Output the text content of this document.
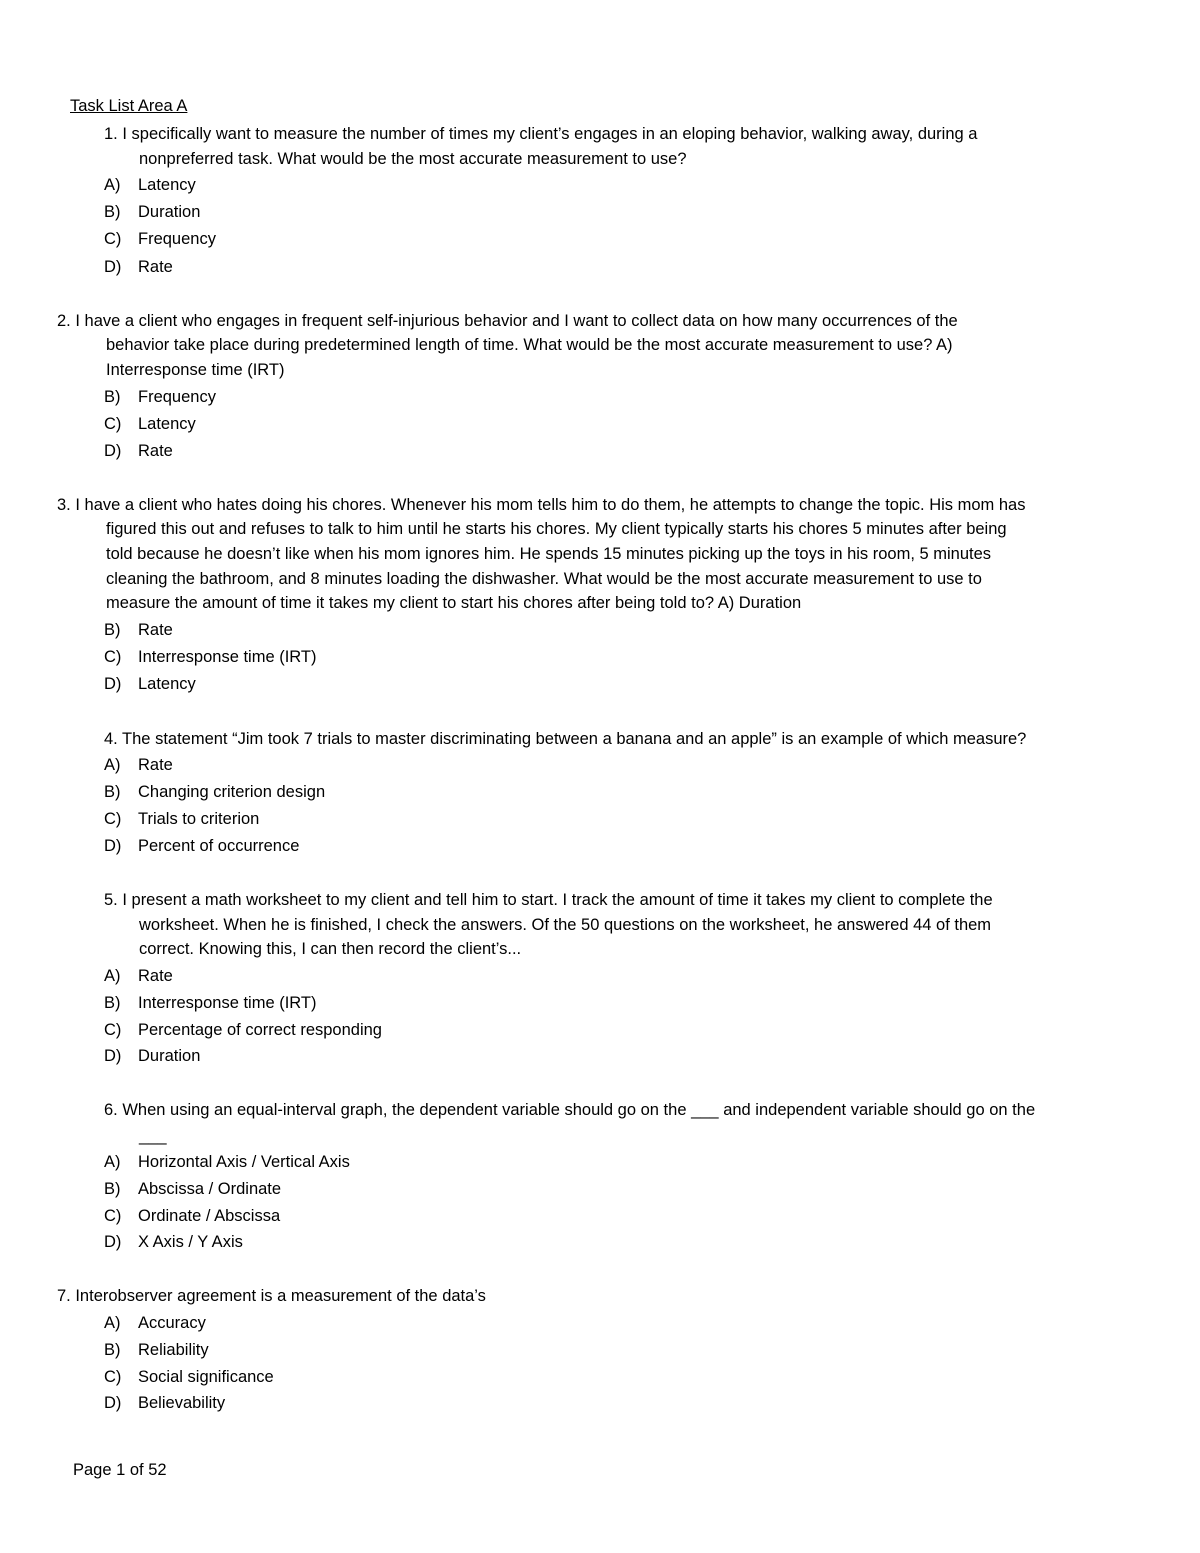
Task List Area A
1. I specifically want to measure the number of times my client’s engages in an eloping behavior, walking away, during a
nonpreferred task. What would be the most accurate measurement to use?
A) Latency
B) Duration
C) Frequency
D) Rate
2. I have a client who engages in frequent self-injurious behavior and I want to collect data on how many occurrences of the
behavior take place during predetermined length of time. What would be the most accurate measurement to use? A)
Interresponse time (IRT)
B) Frequency
C) Latency
D) Rate
3. I have a client who hates doing his chores. Whenever his mom tells him to do them, he attempts to change the topic. His mom has
figured this out and refuses to talk to him until he starts his chores. My client typically starts his chores 5 minutes after being
told because he doesn’t like when his mom ignores him. He spends 15 minutes picking up the toys in his room, 5 minutes
cleaning the bathroom, and 8 minutes loading the dishwasher. What would be the most accurate measurement to use to
measure the amount of time it takes my client to start his chores after being told to? A) Duration
B) Rate
C) Interresponse time (IRT)
D) Latency
4. The statement “Jim took 7 trials to master discriminating between a banana and an apple” is an example of which measure?
A) Rate
B) Changing criterion design
C) Trials to criterion
D) Percent of occurrence
5. I present a math worksheet to my client and tell him to start. I track the amount of time it takes my client to complete the
worksheet. When he is finished, I check the answers. Of the 50 questions on the worksheet, he answered 44 of them
correct. Knowing this, I can then record the client’s...
A) Rate
B) Interresponse time (IRT)
C) Percentage of correct responding
D) Duration
6. When using an equal-interval graph, the dependent variable should go on the ___ and independent variable should go on the
___
A) Horizontal Axis / Vertical Axis
B) Abscissa / Ordinate
C) Ordinate / Abscissa
D) X Axis / Y Axis
7. Interobserver agreement is a measurement of the data’s
A) Accuracy
B) Reliability
C) Social significance
D) Believability
Page 1 of 52
